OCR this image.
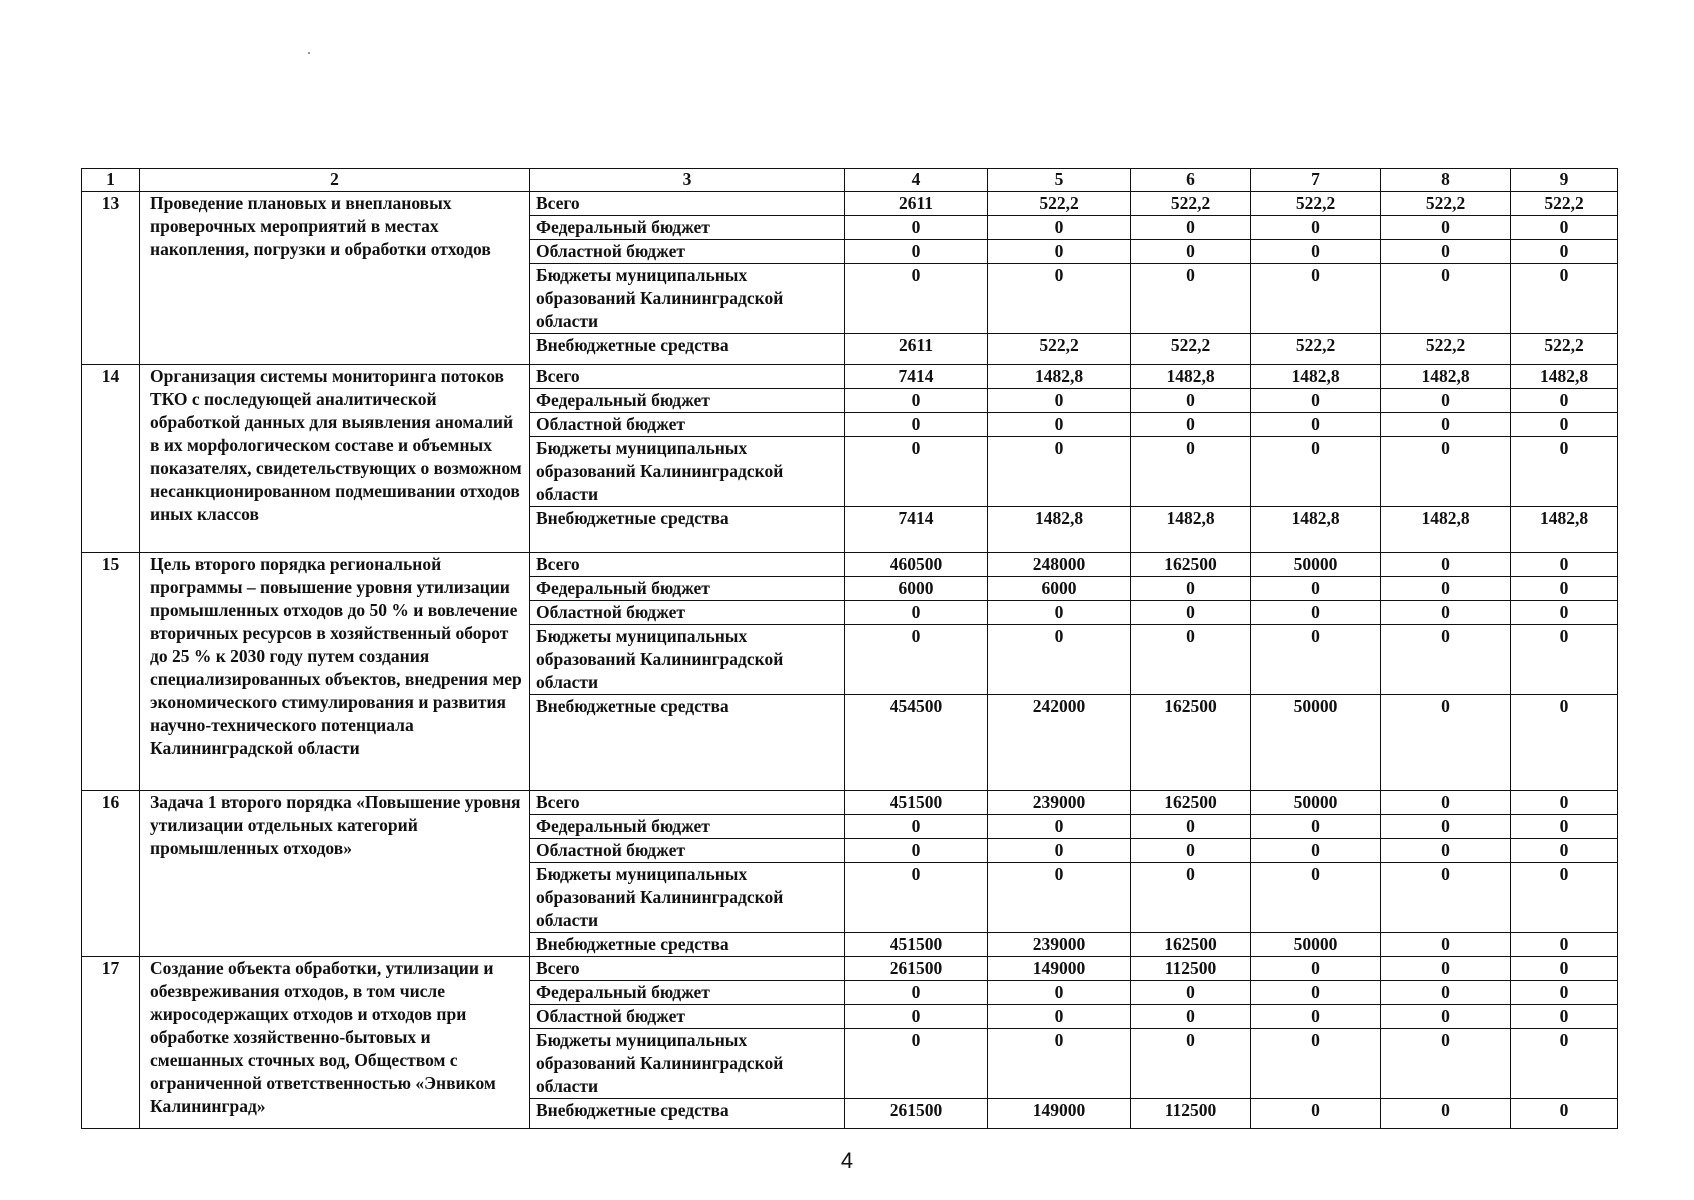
1	2	3	4	5	6	7	8	9
13	Проведение плановых и внеплановых проверочных мероприятий в местах накопления, погрузки и обработки отходов	Всего	2611	522,2	522,2	522,2	522,2	522,2
		Федеральный бюджет	0	0	0	0	0	0
		Областной бюджет	0	0	0	0	0	0
		Бюджеты муниципальных образований Калининградской области	0	0	0	0	0	0
		Внебюджетные средства	2611	522,2	522,2	522,2	522,2	522,2
14	Организация системы мониторинга потоков ТКО с последующей аналитической обработкой данных для выявления аномалий в их морфологическом составе и объемных показателях, свидетельствующих о возможном несанкционированном подмешивании отходов иных классов	Всего	7414	1482,8	1482,8	1482,8	1482,8	1482,8
		Федеральный бюджет	0	0	0	0	0	0
		Областной бюджет	0	0	0	0	0	0
		Бюджеты муниципальных образований Калининградской области	0	0	0	0	0	0
		Внебюджетные средства	7414	1482,8	1482,8	1482,8	1482,8	1482,8
15	Цель второго порядка региональной программы – повышение уровня утилизации промышленных отходов до 50 % и вовлечение вторичных ресурсов в хозяйственный оборот до 25 % к 2030 году путем создания специализированных объектов, внедрения мер экономического стимулирования и развития научно-технического потенциала Калининградской области	Всего	460500	248000	162500	50000	0	0
		Федеральный бюджет	6000	6000	0	0	0	0
		Областной бюджет	0	0	0	0	0	0
		Бюджеты муниципальных образований Калининградской области	0	0	0	0	0	0
		Внебюджетные средства	454500	242000	162500	50000	0	0
16	Задача 1 второго порядка «Повышение уровня утилизации отдельных категорий промышленных отходов»	Всего	451500	239000	162500	50000	0	0
		Федеральный бюджет	0	0	0	0	0	0
		Областной бюджет	0	0	0	0	0	0
		Бюджеты муниципальных образований Калининградской области	0	0	0	0	0	0
		Внебюджетные средства	451500	239000	162500	50000	0	0
17	Создание объекта обработки, утилизации и обезвреживания отходов, в том числе жиросодержащих отходов и отходов при обработке хозяйственно-бытовых и смешанных сточных вод, Обществом с ограниченной ответственностью «Энвиком Калининград»	Всего	261500	149000	112500	0	0	0
		Федеральный бюджет	0	0	0	0	0	0
		Областной бюджет	0	0	0	0	0	0
		Бюджеты муниципальных образований Калининградской области	0	0	0	0	0	0
		Внебюджетные средства	261500	149000	112500	0	0	0
4
